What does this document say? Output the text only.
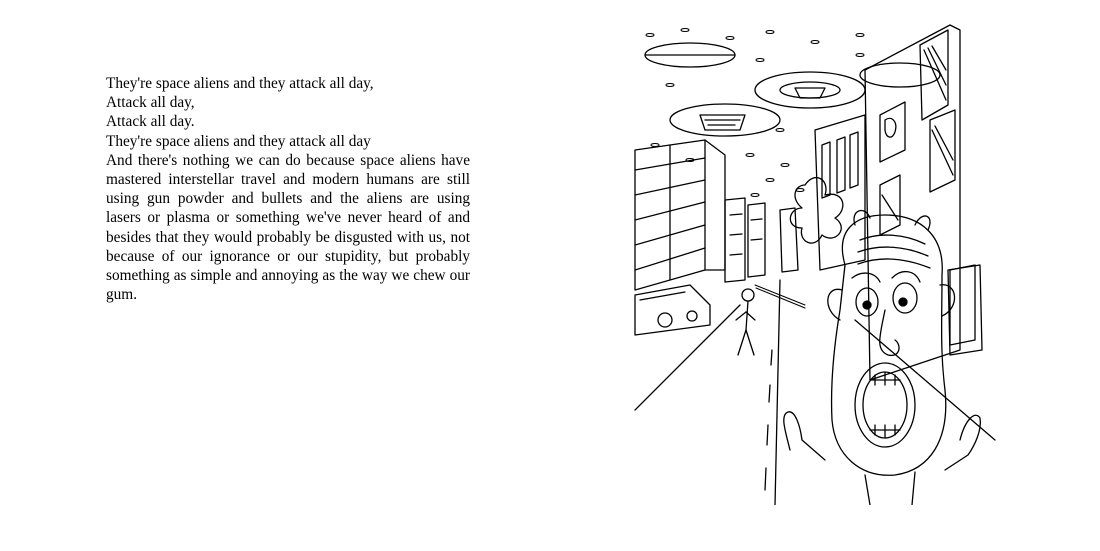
They're space aliens and they attack all day,
Attack all day,
Attack all day.
They're space aliens and they attack all day
And there's nothing we can do because space aliens have mastered interstellar travel and modern humans are still using gun powder and bullets and the aliens are using lasers or plasma or something we've never heard of and besides that they would probably be disgusted with us, not because of our ignorance or our stupidity, but probably something as simple and annoying as the way we chew our gum.
